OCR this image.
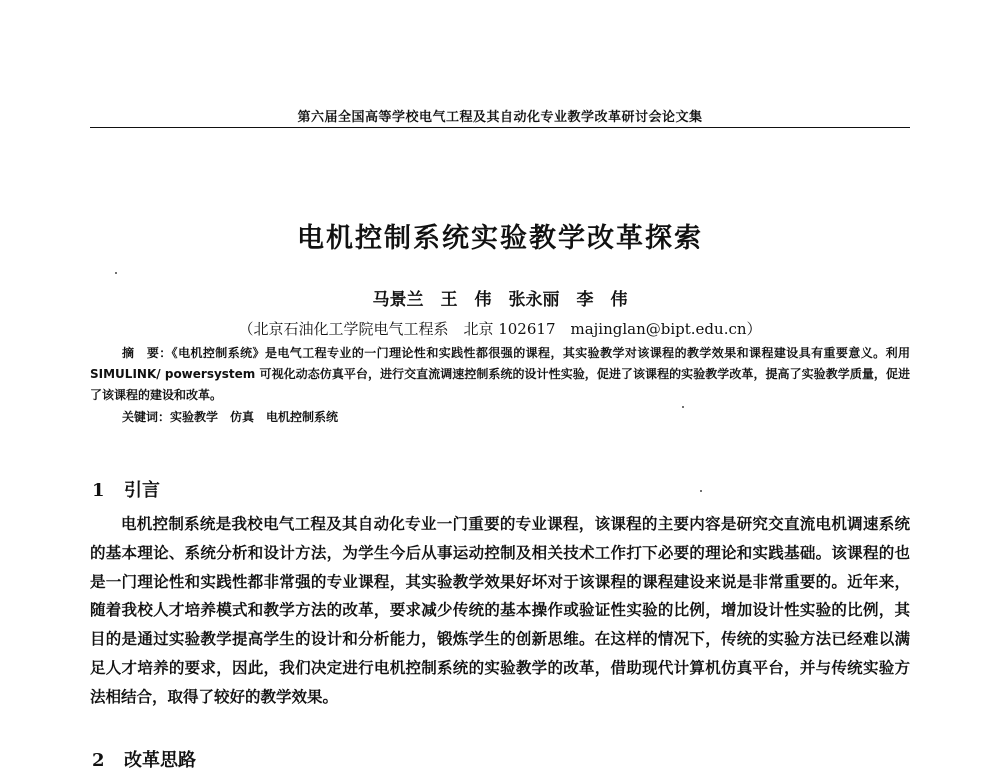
第六届全国高等学校电气工程及其自动化专业教学改革研讨会论文集
电机控制系统实验教学改革探索
马景兰　王　伟　张永丽　李　伟
（北京石油化工学院电气工程系　北京 102617　majinglan@bipt.edu.cn）

摘　要：《电机控制系统》是电气工程专业的一门理论性和实践性都很强的课程，其实验教学对该课程的教学效果和课程建设具有重要意义。利用 SIMULINK/ powersystem 可视化动态仿真平台，进行交直流调速控制系统的设计性实验，促进了该课程的实验教学改革，提高了实验教学质量，促进了该课程的建设和改革。

关键词：实验教学　仿真　电机控制系统
1 引言

电机控制系统是我校电气工程及其自动化专业一门重要的专业课程，该课程的主要内容是研究交直流电机调速系统的基本理论、系统分析和设计方法，为学生今后从事运动控制及相关技术工作打下必要的理论和实践基础。该课程的也是一门理论性和实践性都非常强的专业课程，其实验教学效果好坏对于该课程的课程建设来说是非常重要的。近年来，随着我校人才培养模式和教学方法的改革，要求减少传统的基本操作或验证性实验的比例，增加设计性实验的比例，其目的是通过实验教学提高学生的设计和分析能力，锻炼学生的创新思维。在这样的情况下，传统的实验方法已经难以满足人才培养的要求，因此，我们决定进行电机控制系统的实验教学的改革，借助现代计算机仿真平台，并与传统实验方法相结合，取得了较好的教学效果。

2 改革思路
